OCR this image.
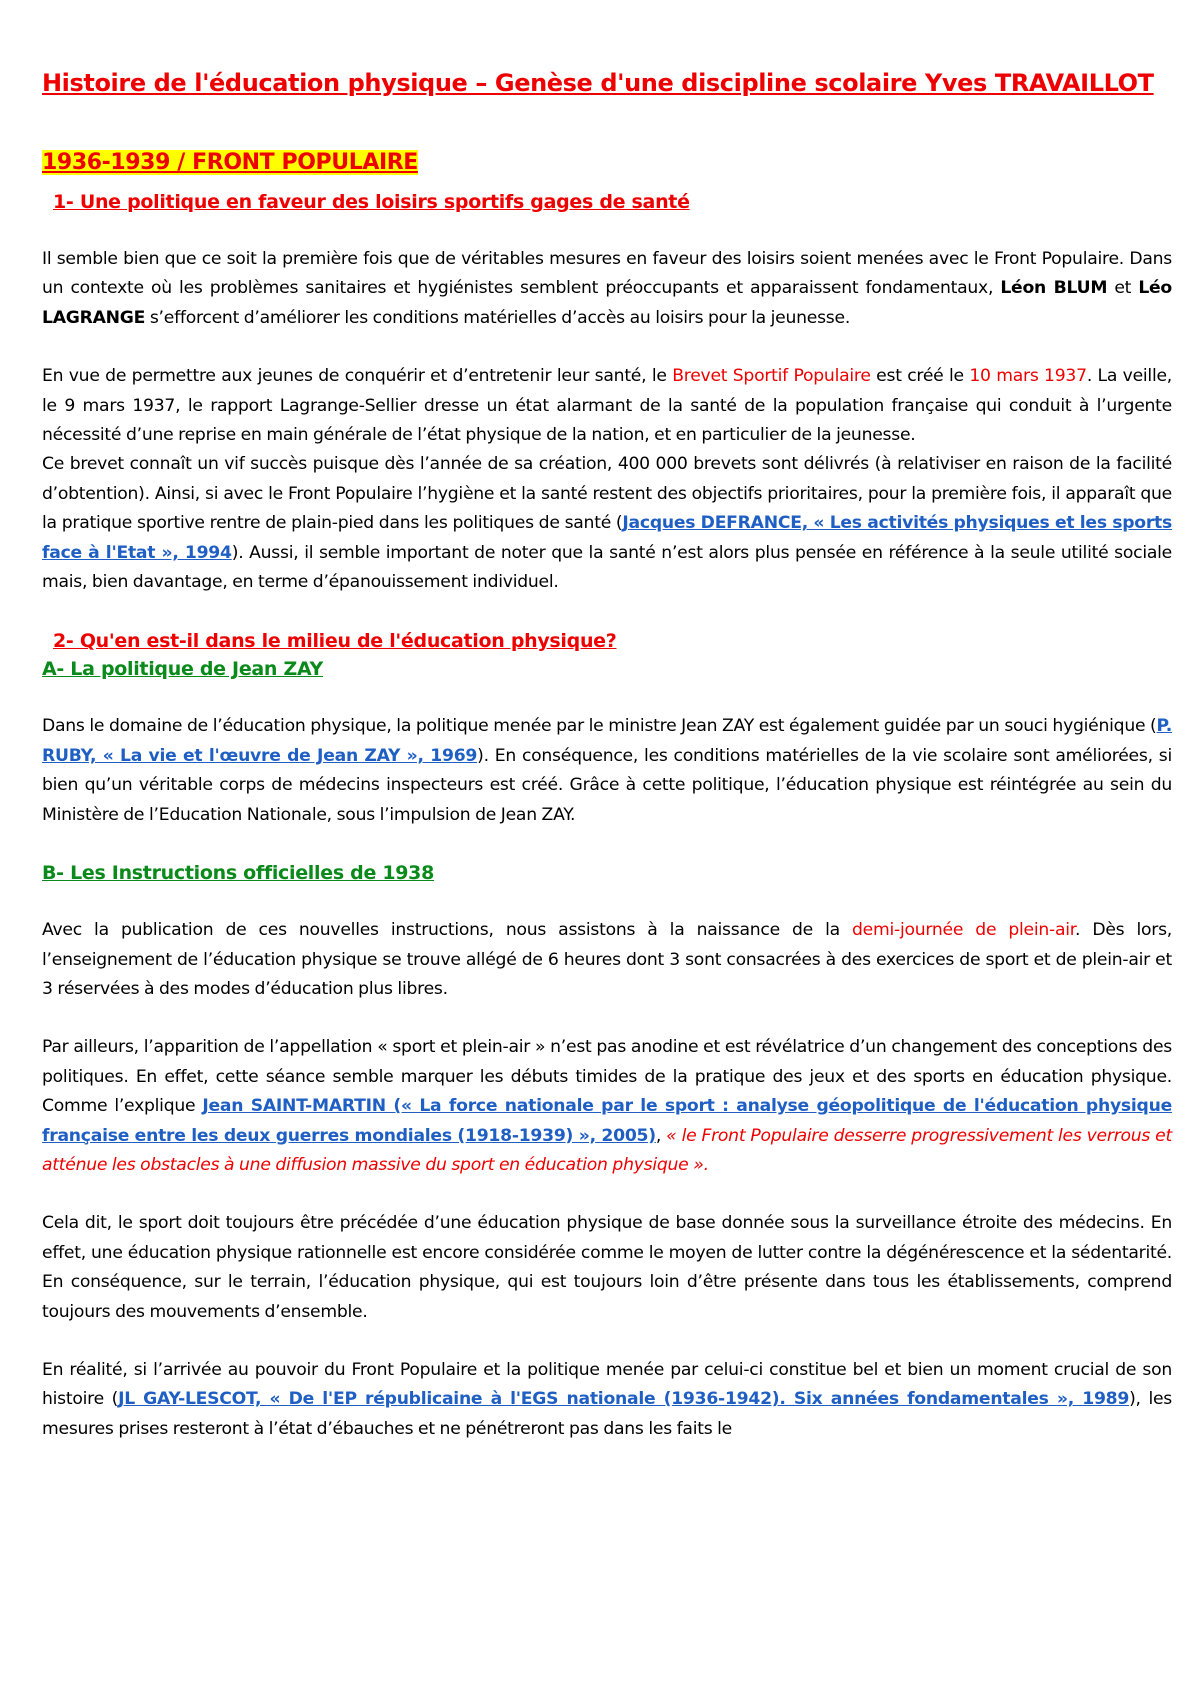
Histoire de l'éducation physique – Genèse d'une discipline scolaire Yves TRAVAILLOT
1936-1939 / FRONT POPULAIRE
1- Une politique en faveur des loisirs sportifs gages de santé

Il semble bien que ce soit la première fois que de véritables mesures en faveur des loisirs soient menées avec le Front Populaire. Dans un contexte où les problèmes sanitaires et hygiénistes semblent préoccupants et apparaissent fondamentaux, Léon BLUM et Léo LAGRANGE s’efforcent d’améliorer les conditions matérielles d’accès au loisirs pour la jeunesse.

En vue de permettre aux jeunes de conquérir et d’entretenir leur santé, le Brevet Sportif Populaire est créé le 10 mars 1937. La veille, le 9 mars 1937, le rapport Lagrange-Sellier dresse un état alarmant de la santé de la population française qui conduit à l’urgente nécessité d’une reprise en main générale de l’état physique de la nation, et en particulier de la jeunesse.

Ce brevet connaît un vif succès puisque dès l’année de sa création, 400 000 brevets sont délivrés (à relativiser en raison de la facilité d’obtention). Ainsi, si avec le Front Populaire l’hygiène et la santé restent des objectifs prioritaires, pour la première fois, il apparaît que la pratique sportive rentre de plain-pied dans les politiques de santé (Jacques DEFRANCE, « Les activités physiques et les sports face à l'Etat », 1994). Aussi, il semble important de noter que la santé n’est alors plus pensée en référence à la seule utilité sociale mais, bien davantage, en terme d’épanouissement individuel.

2- Qu'en est-il dans le milieu de l'éducation physique?
A- La politique de Jean ZAY

Dans le domaine de l’éducation physique, la politique menée par le ministre Jean ZAY est également guidée par un souci hygiénique (P. RUBY, « La vie et l'œuvre de Jean ZAY », 1969). En conséquence, les conditions matérielles de la vie scolaire sont améliorées, si bien qu’un véritable corps de médecins inspecteurs est créé. Grâce à cette politique, l’éducation physique est réintégrée au sein du Ministère de l’Education Nationale, sous l’impulsion de Jean ZAY.

B- Les Instructions officielles de 1938

Avec la publication de ces nouvelles instructions, nous assistons à la naissance de la demi-journée de plein-air. Dès lors, l’enseignement de l’éducation physique se trouve allégé de 6 heures dont 3 sont consacrées à des exercices de sport et de plein-air et 3 réservées à des modes d’éducation plus libres.

Par ailleurs, l’apparition de l’appellation « sport et plein-air » n’est pas anodine et est révélatrice d’un changement des conceptions des politiques. En effet, cette séance semble marquer les débuts timides de la pratique des jeux et des sports en éducation physique. Comme l’explique Jean SAINT-MARTIN (« La force nationale par le sport : analyse géopolitique de l'éducation physique française entre les deux guerres mondiales (1918-1939) », 2005), « le Front Populaire desserre progressivement les verrous et atténue les obstacles à une diffusion massive du sport en éducation physique ».

Cela dit, le sport doit toujours être précédée d’une éducation physique de base donnée sous la surveillance étroite des médecins. En effet, une éducation physique rationnelle est encore considérée comme le moyen de lutter contre la dégénérescence et la sédentarité. En conséquence, sur le terrain, l’éducation physique, qui est toujours loin d’être présente dans tous les établissements, comprend toujours des mouvements d’ensemble.

En réalité, si l’arrivée au pouvoir du Front Populaire et la politique menée par celui-ci constitue bel et bien un moment crucial de son histoire (JL GAY-LESCOT, « De l'EP républicaine à l'EGS nationale (1936-1942). Six années fondamentales », 1989), les mesures prises resteront à l’état d’ébauches et ne pénétreront pas dans les faits le
